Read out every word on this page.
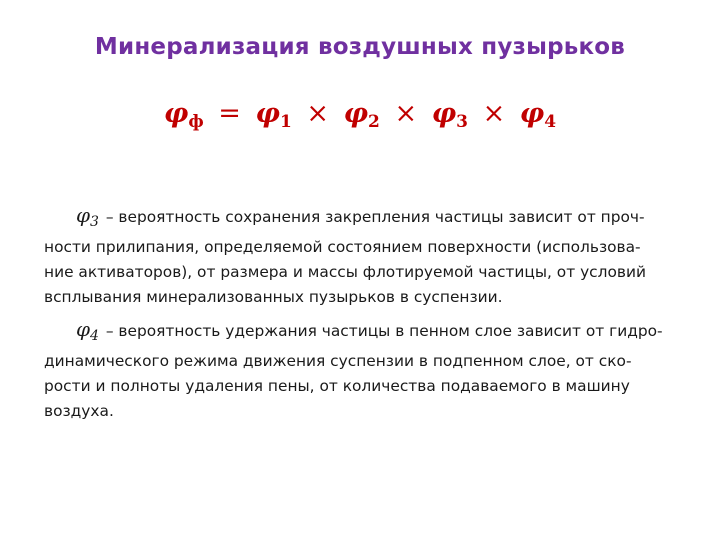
Минерализация воздушных пузырьков
$\varphi_ф = \varphi_1 \times \varphi_2 \times \varphi_3 \times \varphi_4$
$\varphi_3$ – вероятность сохранения закрепления частицы зависит от проч-
ности прилипания, определяемой состоянием поверхности (использова-
ние активаторов), от размера и массы флотируемой частицы, от условий
всплывания минерализованных пузырьков в суспензии.
$\varphi_4$ – вероятность удержания частицы в пенном слое зависит от гидро-
динамического режима движения суспензии в подпенном слое, от ско-
рости и полноты удаления пены, от количества подаваемого в машину
воздуха.
